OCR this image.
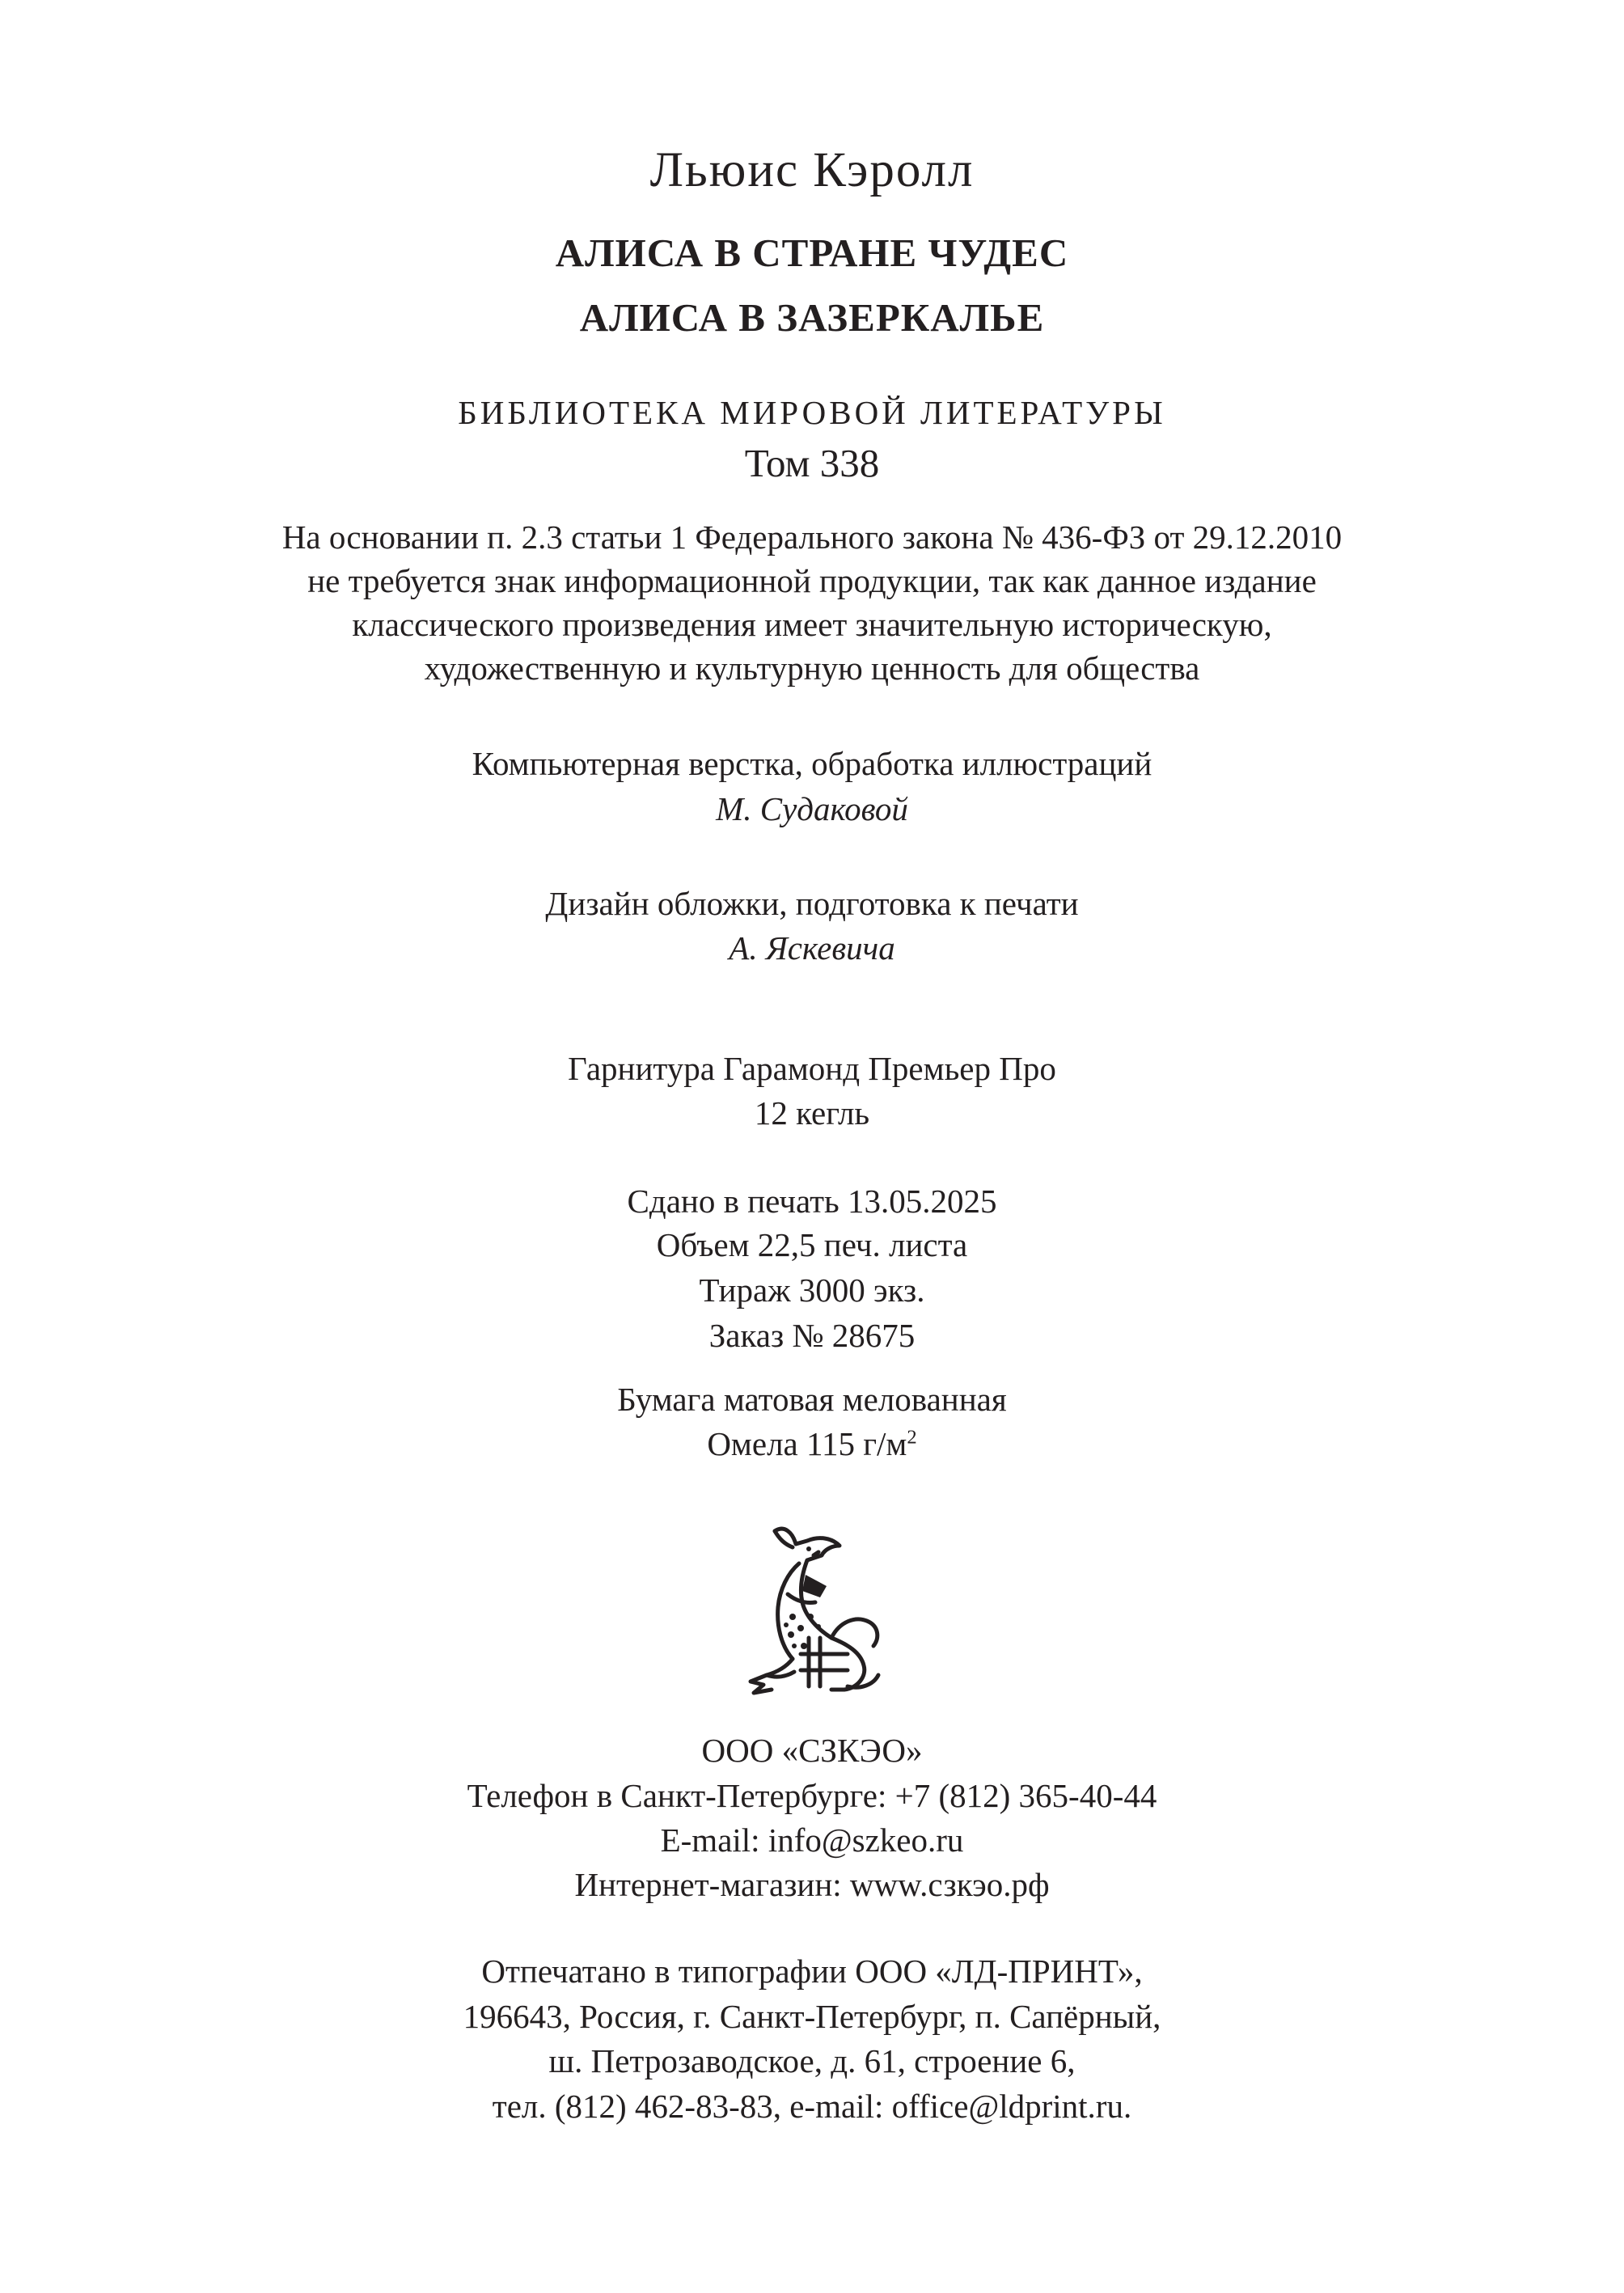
Льюис Кэролл
АЛИСА В СТРАНЕ ЧУДЕС
АЛИСА В ЗАЗЕРКАЛЬЕ
БИБЛИОТЕКА МИРОВОЙ ЛИТЕРАТУРЫ
Том 338
На основании п. 2.3 статьи 1 Федерального закона № 436-ФЗ от 29.12.2010
не требуется знак информационной продукции, так как данное издание
классического произведения имеет значительную историческую,
художественную и культурную ценность для общества
Компьютерная верстка, обработка иллюстраций
М. Судаковой
Дизайн обложки, подготовка к печати
А. Яскевича
Гарнитура Гарамонд Премьер Про
12 кегль
Сдано в печать 13.05.2025
Объем 22,5 печ. листа
Тираж 3000 экз.
Заказ № 28675
Бумага матовая мелованная
Омела 115 $г/м^2$
ООО «СЗКЭО»
Телефон в Санкт-Петербурге: +7 (812) 365-40-44
E-mail: info@szkeo.ru
Интернет-магазин: www.сзкэо.рф
Отпечатано в типографии ООО «ЛД-ПРИНТ»,
196643, Россия, г. Санкт-Петербург, п. Сапёрный,
ш. Петрозаводское, д. 61, строение 6,
тел. (812) 462-83-83, e-mail: office@ldprint.ru.
